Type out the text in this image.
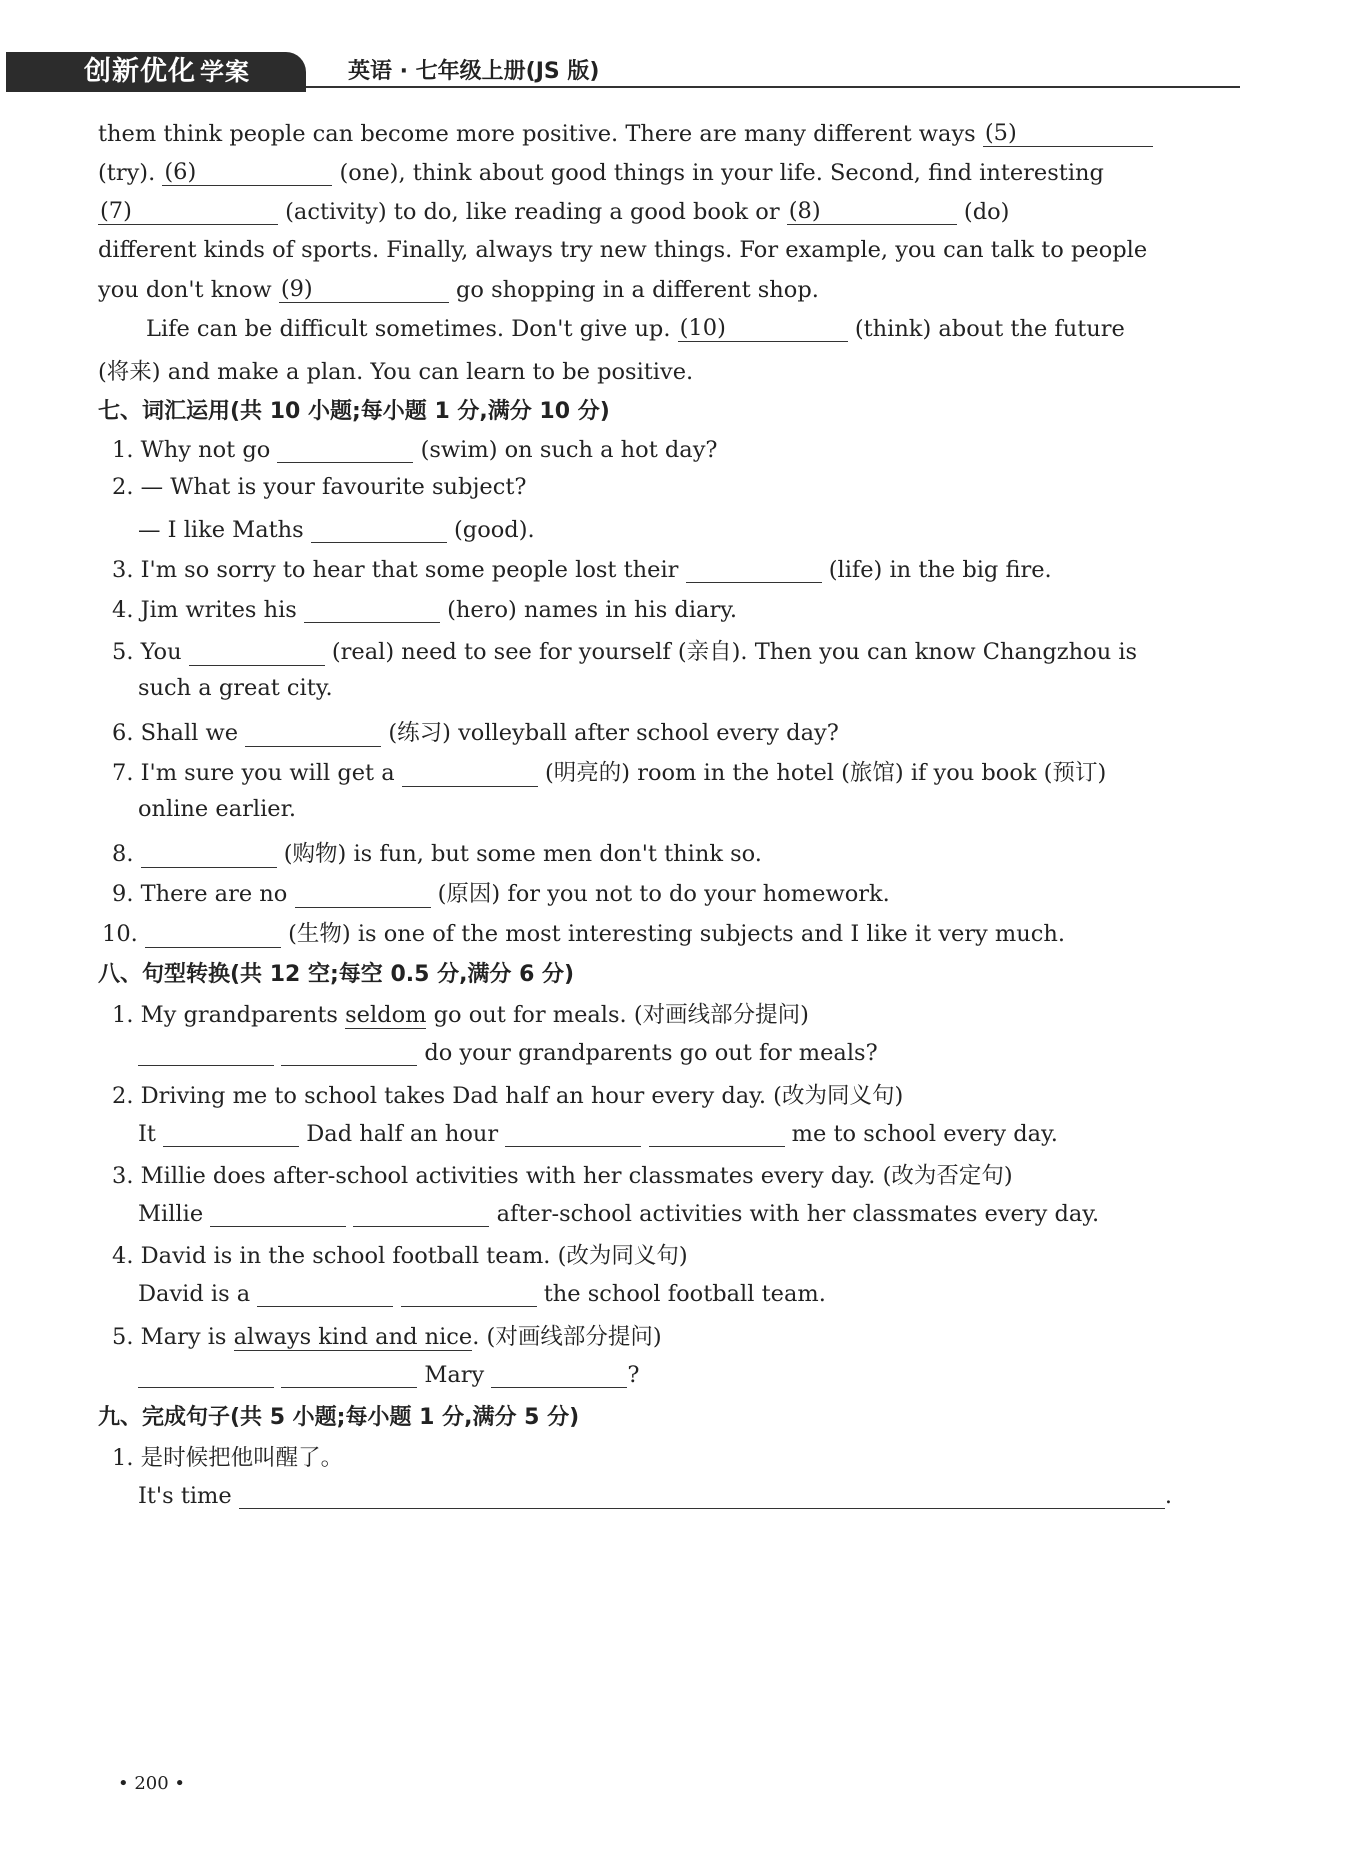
创新优化 学案	英语 · 七年级上册(JS 版)
them think people can become more positive. There are many different ways (5)
(try). (6)	(one), think about good things in your life. Second, find interesting
(7)	(activity) to do, like reading a good book or (8)	(do)
different kinds of sports. Finally, always try new things. For example, you can talk to people
you don't know (9)	go shopping in a different shop.
Life can be difficult sometimes. Don't give up. (10)	(think) about the future
(将来) and make a plan. You can learn to be positive.
七、词汇运用(共 10 小题;每小题 1 分,满分 10 分)
1. Why not go	(swim) on such a hot day?
2. — What is your favourite subject?
— I like Maths	(good).
3. I'm so sorry to hear that some people lost their	(life) in the big fire.
4. Jim writes his	(hero) names in his diary.
5. You	(real) need to see for yourself (亲自). Then you can know Changzhou is
such a great city.
6. Shall we	(练习) volleyball after school every day?
7. I'm sure you will get a	(明亮的) room in the hotel (旅馆) if you book (预订)
online earlier.
8.	(购物) is fun, but some men don't think so.
9. There are no	(原因) for you not to do your homework.
10.	(生物) is one of the most interesting subjects and I like it very much.
八、句型转换(共 12 空;每空 0.5 分,满分 6 分)
1. My grandparents seldom go out for meals. (对画线部分提问)
do your grandparents go out for meals?
2. Driving me to school takes Dad half an hour every day. (改为同义句)
It	Dad half an hour	me to school every day.
3. Millie does after-school activities with her classmates every day. (改为否定句)
Millie	after-school activities with her classmates every day.
4. David is in the school football team. (改为同义句)
David is a	the school football team.
5. Mary is always kind and nice. (对画线部分提问)
Mary	?
九、完成句子(共 5 小题;每小题 1 分,满分 5 分)
1. 是时候把他叫醒了。
It's time	.
• 200 •
